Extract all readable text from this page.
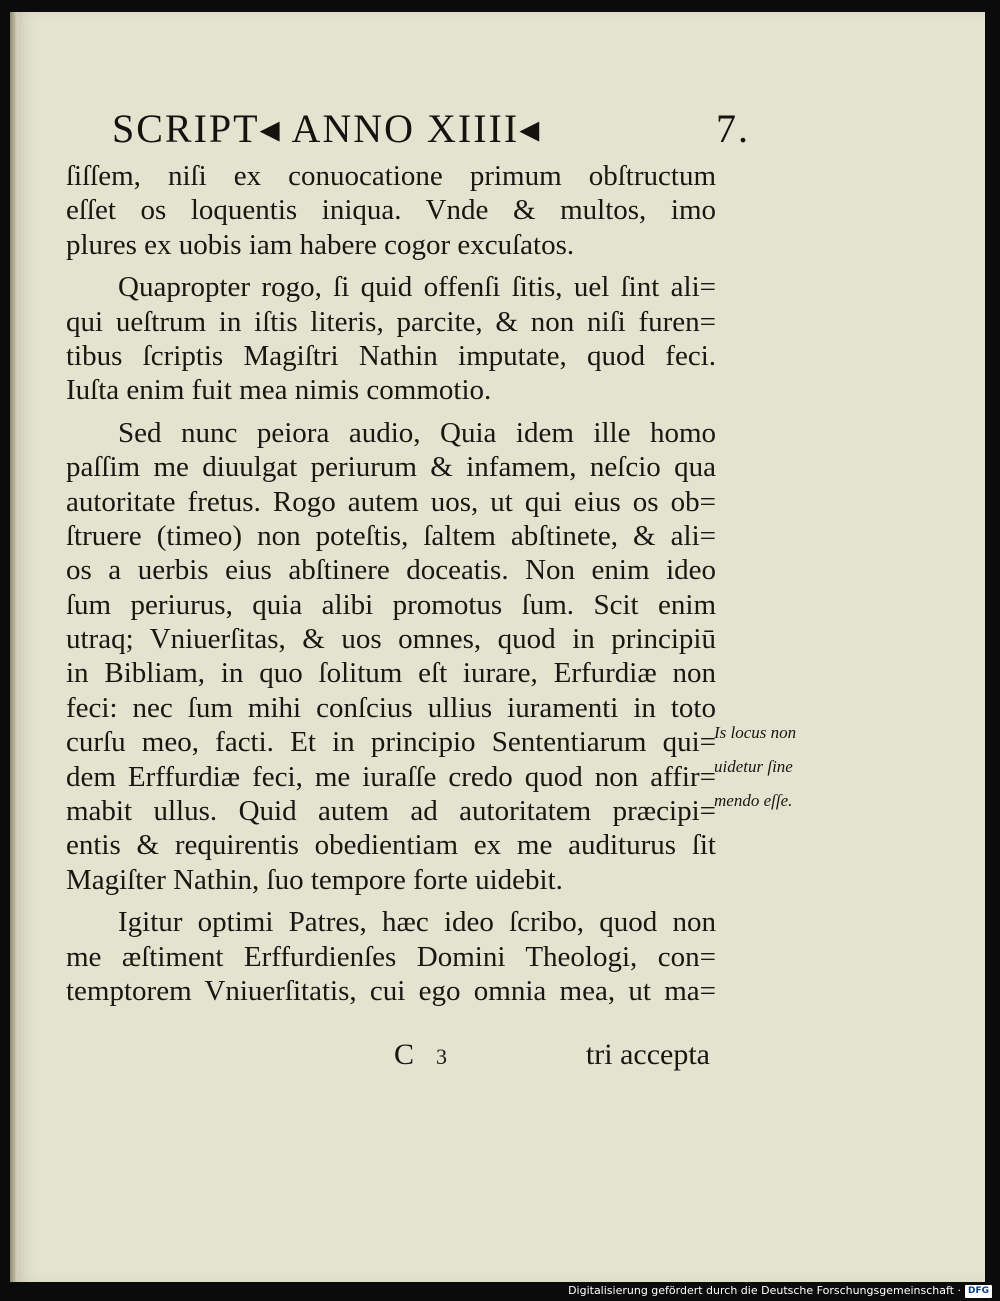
SCRIPT◂ ANNO XIIII◂	7.
ſiſſem, niſi ex conuocatione primum obſtructum
eſſet os loquentis iniqua. Vnde & multos, imo
plures ex uobis iam habere cogor excuſatos.
Quapropter rogo, ſi quid offenſi ſitis, uel ſint ali=
qui ueſtrum in iſtis literis, parcite, & non niſi furen=
tibus ſcriptis Magiſtri Nathin imputate, quod feci.
Iuſta enim fuit mea nimis commotio.
Sed nunc peiora audio, Quia idem ille homo
paſſim me diuulgat periurum & infamem, neſcio qua
autoritate fretus. Rogo autem uos, ut qui eius os ob=
ſtruere (timeo) non poteſtis, ſaltem abſtinete, & ali=
os a uerbis eius abſtinere doceatis. Non enim ideo
ſum periurus, quia alibi promotus ſum. Scit enim
utraq; Vniuerſitas, & uos omnes, quod in principiū
in Bibliam, in quo ſolitum eſt iurare, Erfurdiæ non
feci: nec ſum mihi conſcius ullius iuramenti in toto
curſu meo, facti. Et in principio Sententiarum qui=
dem Erffurdiæ feci, me iuraſſe credo quod non affir=
mabit ullus. Quid autem ad autoritatem præcipi=
entis & requirentis obedientiam ex me auditurus ſit
Magiſter Nathin, ſuo tempore forte uidebit.
Igitur optimi Patres, hæc ideo ſcribo, quod non
me æſtiment Erffurdienſes Domini Theologi, con=
temptorem Vniuerſitatis, cui ego omnia mea, ut ma=
Is locus non
uidetur ſine
mendo eſſe.
C 3	tri accepta
Digitalisierung gefördert durch die Deutsche Forschungsgemeinschaft · DFG
